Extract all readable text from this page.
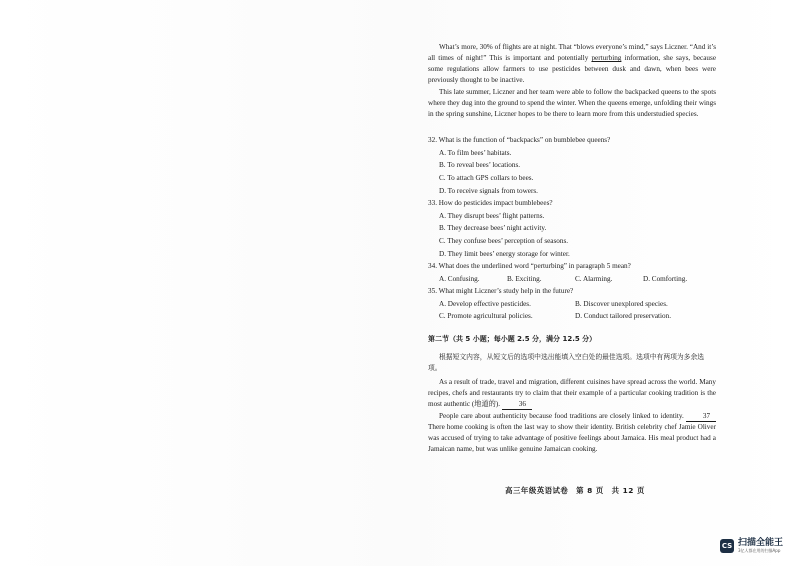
What’s more, 30% of flights are at night. That “blows everyone’s mind,” says Liczner. “And it’s all times of night!” This is important and potentially perturbing information, she says, because some regulations allow farmers to use pesticides between dusk and dawn, when bees were previously thought to be inactive.

This late summer, Liczner and her team were able to follow the backpacked queens to the spots where they dug into the ground to spend the winter. When the queens emerge, unfolding their wings in the spring sunshine, Liczner hopes to be there to learn more from this understudied species.

32. What is the function of “backpacks” on bumblebee queens?

A. To film bees’ habitats.

B. To reveal bees’ locations.

C. To attach GPS collars to bees.

D. To receive signals from towers.

33. How do pesticides impact bumblebees?

A. They disrupt bees’ flight patterns.

B. They decrease bees’ night activity.

C. They confuse bees’ perception of seasons.

D. They limit bees’ energy storage for winter.

34. What does the underlined word “perturbing” in paragraph 5 mean?

A. Confusing.	B. Exciting.	C. Alarming.	D. Comforting.

35. What might Liczner’s study help in the future?

A. Develop effective pesticides.	B. Discover unexplored species.
C. Promote agricultural policies.	D. Conduct tailored preservation.

第二节（共 5 小题；每小题 2.5 分，满分 12.5 分）

根据短文内容，从短文后的选项中选出能填入空白处的最佳选项。选项中有两项为多余选项。

As a result of trade, travel and migration, different cuisines have spread across the world. Many recipes, chefs and restaurants try to claim that their example of a particular cooking tradition is the most authentic (地道的). 36

People care about authenticity because food traditions are closely linked to identity. 37 There home cooking is often the last way to show their identity. British celebrity chef Jamie Oliver was accused of trying to take advantage of positive feelings about Jamaica. His meal product had a Jamaican name, but was unlike genuine Jamaican cooking.

高三年级英语试卷　第 8 页　共 12 页
CS 扫描全能王
3亿人都在用的扫描App
